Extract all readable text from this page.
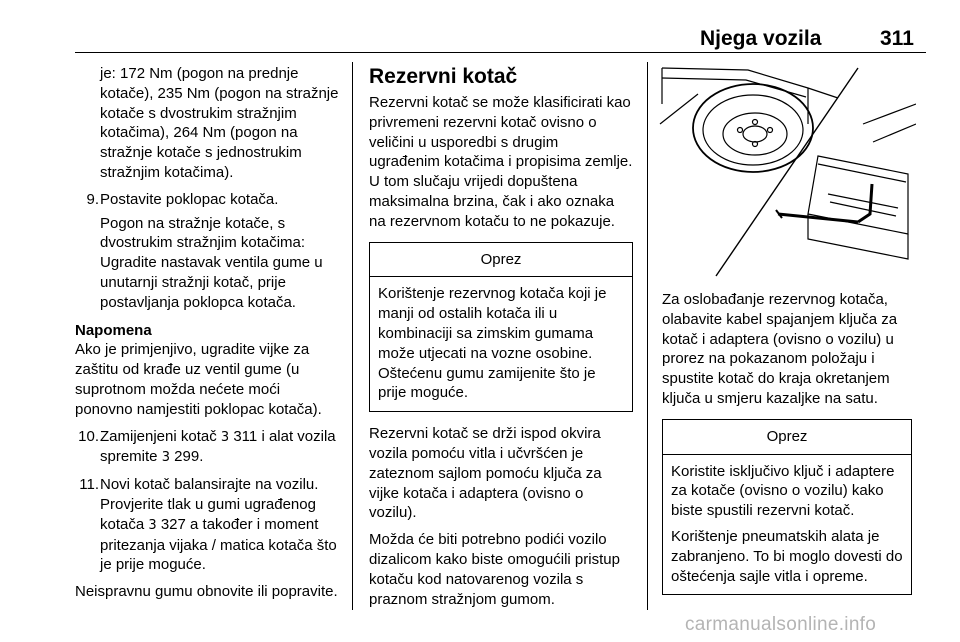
Njega vozila	311

je: 172 Nm (pogon na prednje kotače), 235 Nm (pogon na stražnje kotače s dvostrukim stražnjim kotačima), 264 Nm (pogon na stražnje kotače s jednostrukim stražnjim kotačima).

9. Postavite poklopac kotača.

Pogon na stražnje kotače, s dvostrukim stražnjim kotačima: Ugradite nastavak ventila gume u unutarnji stražnji kotač, prije postavljanja poklopca kotača.

Napomena

Ako je primjenjivo, ugradite vijke za zaštitu od krađe uz ventil gume (u suprotnom možda nećete moći ponovno namjestiti poklopac kotača).

10. Zamijenjeni kotač 3 311 i alat vozila spremite 3 299.
11. Novi kotač balansirajte na vozilu. Provjerite tlak u gumi ugrađenog kotača 3 327 a također i moment pritezanja vijaka / matica kotača što je prije moguće.

Neispravnu gumu obnovite ili popravite.

Rezervni kotač

Rezervni kotač se može klasificirati kao privremeni rezervni kotač ovisno o veličini u usporedbi s drugim ugrađenim kotačima i propisima zemlje. U tom slučaju vrijedi dopuštena maksimalna brzina, čak i ako oznaka na rezervnom kotaču to ne pokazuje.

Oprez

Korištenje rezervnog kotača koji je manji od ostalih kotača ili u kombinaciji sa zimskim gumama može utjecati na vozne osobine. Oštećenu gumu zamijenite što je prije moguće.

Rezervni kotač se drži ispod okvira vozila pomoću vitla i učvršćen je zateznom sajlom pomoću ključa za vijke kotača i adaptera (ovisno o vozilu).

Možda će biti potrebno podići vozilo dizalicom kako biste omogućili pristup kotaču kod natovarenog vozila s praznom stražnjom gumom.

Za oslobađanje rezervnog kotača, olabavite kabel spajanjem ključa za kotač i adaptera (ovisno o vozilu) u prorez na pokazanom položaju i spustite kotač do kraja okretanjem ključa u smjeru kazaljke na satu.

Oprez

Koristite isključivo ključ i adaptere za kotače (ovisno o vozilu) kako biste spustili rezervni kotač.

Korištenje pneumatskih alata je zabranjeno. To bi moglo dovesti do oštećenja sajle vitla i opreme.

carmanualsonline.info
